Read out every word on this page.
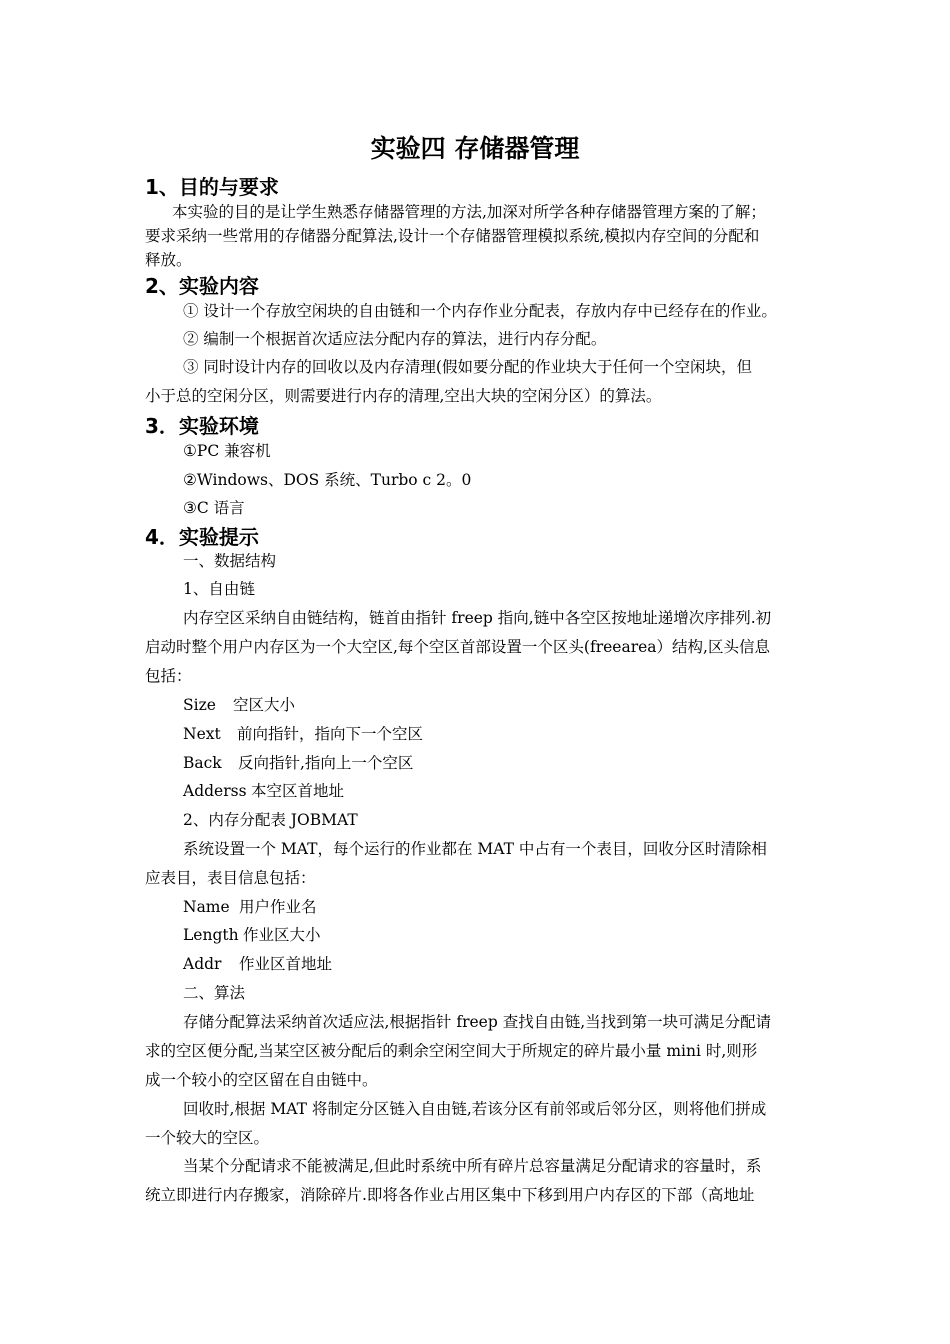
实验四 存储器管理
1、目的与要求
本实验的目的是让学生熟悉存储器管理的方法,加深对所学各种存储器管理方案的了解；
要求采纳一些常用的存储器分配算法,设计一个存储器管理模拟系统,模拟内存空间的分配和
释放。
2、实验内容
① 设计一个存放空闲块的自由链和一个内存作业分配表，存放内存中已经存在的作业。
② 编制一个根据首次适应法分配内存的算法，进行内存分配。
③ 同时设计内存的回收以及内存清理(假如要分配的作业块大于任何一个空闲块，但
小于总的空闲分区，则需要进行内存的清理,空出大块的空闲分区）的算法。
3．实验环境
①PC 兼容机
②Windows、DOS 系统、Turbo c 2。0
③C 语言
4．实验提示
一、数据结构
1、自由链
内存空区采纳自由链结构，链首由指针 freep 指向,链中各空区按地址递增次序排列.初
启动时整个用户内存区为一个大空区,每个空区首部设置一个区头(freearea）结构,区头信息
包括：
Size 空区大小
Next 前向指针，指向下一个空区
Back 反向指针,指向上一个空区
Adderss 本空区首地址
2、内存分配表 JOBMAT
系统设置一个 MAT，每个运行的作业都在 MAT 中占有一个表目，回收分区时清除相
应表目，表目信息包括：
Name 用户作业名
Length 作业区大小
Addr 作业区首地址
二、算法
存储分配算法采纳首次适应法,根据指针 freep 查找自由链,当找到第一块可满足分配请
求的空区便分配,当某空区被分配后的剩余空闲空间大于所规定的碎片最小量 mini 时,则形
成一个较小的空区留在自由链中。
回收时,根据 MAT 将制定分区链入自由链,若该分区有前邻或后邻分区，则将他们拼成
一个较大的空区。
当某个分配请求不能被满足,但此时系统中所有碎片总容量满足分配请求的容量时，系
统立即进行内存搬家，消除碎片.即将各作业占用区集中下移到用户内存区的下部（高地址
